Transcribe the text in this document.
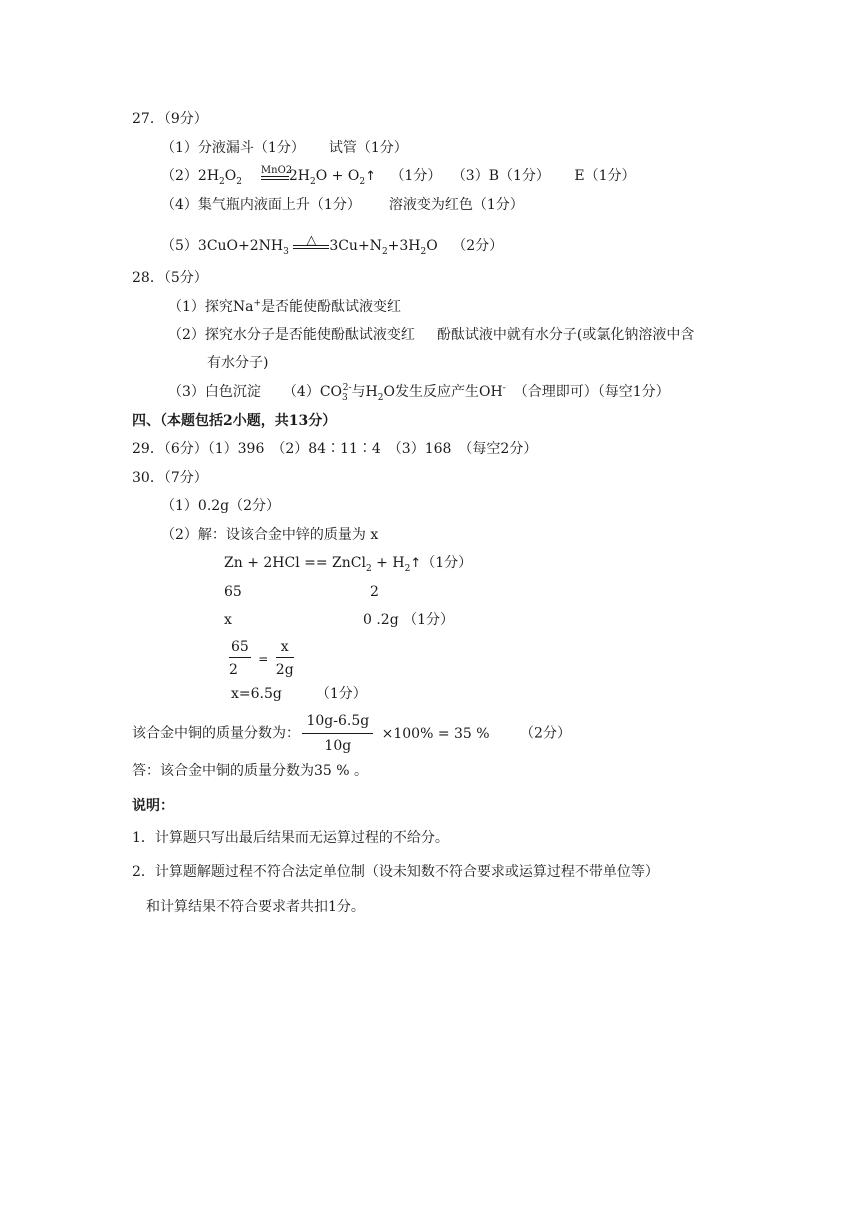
27．（9分）
（1）分液漏斗（1分） 试管（1分）
$(2)2H_2O_2$
MnO2
$2H_2O$ + $O_2↑$ （1分） （3）B（1分） E（1分）
（4）集气瓶内液面上升（1分） 溶液变为红色（1分）
$(5)3CuO+2NH_3$
△ $3Cu+N_2+3H_2O$ （2分）
28．（5分）
（1）探究Na+是否能使酚酞试液变红
（2）探究水分子是否能使酚酞试液变红 酚酞试液中就有水分子(或氯化钠溶液中含
有水分子)
（3）白色沉淀 $(4)CO_3^{2-}$与$H_2O$发生反应产生OH- （合理即可）（每空1分）
四、（本题包括2小题，共13分）
29．（6分）（1）396　（2）84∶11∶4　（3）168　（每空2分）
30．（7分）
（1）0.2g（2分）
（2）解：设该合金中锌的质量为 x
Zn + 2HCl == ZnCl$_2$ + $H_2↑(1$分）
65	2
x	0 .2g （1分）
$\frac{65}{2} = \frac{x}{2g}$
x=6.5g （1分）
该合金中铜的质量分数为： $\frac{10g-6.5g}{10g} \times 100\% = 35$ % （2分）
答：该合金中铜的质量分数为35 % 。
说明：
1．计算题只写出最后结果而无运算过程的不给分。
2．计算题解题过程不符合法定单位制（设未知数不符合要求或运算过程不带单位等）
和计算结果不符合要求者共扣1分。
